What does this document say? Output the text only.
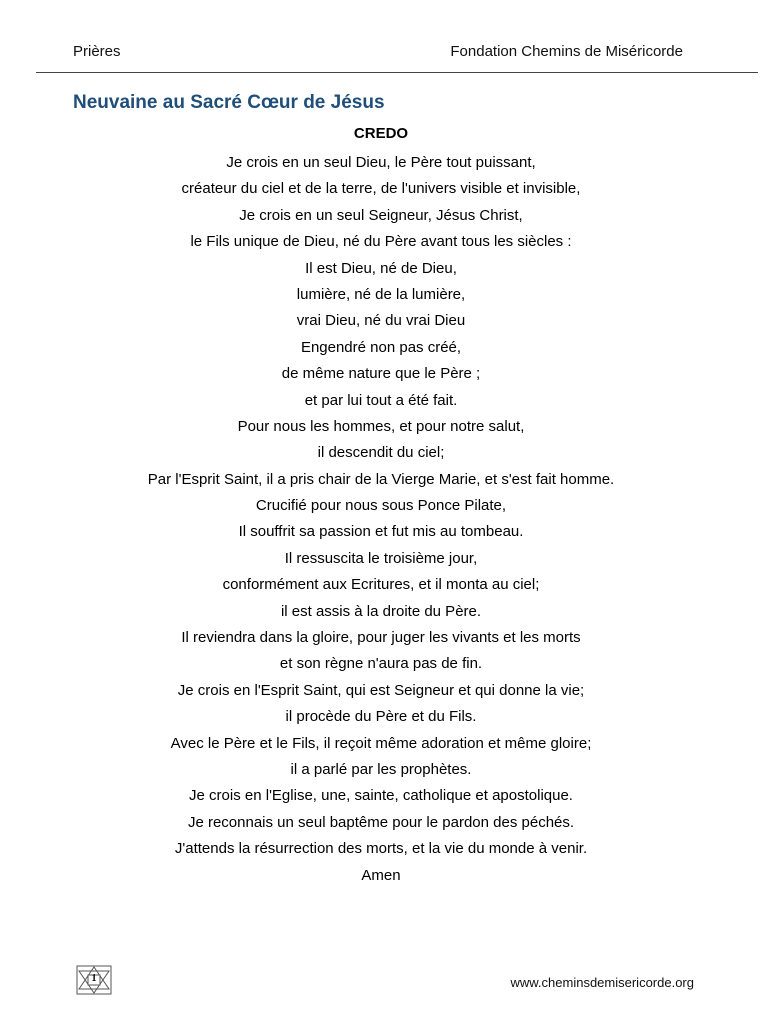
Prières	Fondation Chemins de Miséricorde
Neuvaine au Sacré Cœur de Jésus
CREDO
Je crois en un seul Dieu, le Père tout puissant,
créateur du ciel et de la terre, de l'univers visible et invisible,
Je crois en un seul Seigneur, Jésus Christ,
le Fils unique de Dieu, né du Père avant tous les siècles :
Il est Dieu, né de Dieu,
lumière, né de la lumière,
vrai Dieu, né du vrai Dieu
Engendré non pas créé,
de même nature que le Père ;
et par lui tout a été fait.
Pour nous les hommes, et pour notre salut,
il descendit du ciel;
Par l'Esprit Saint, il a pris chair de la Vierge Marie, et s'est fait homme.
Crucifié pour nous sous Ponce Pilate,
Il souffrit sa passion et fut mis au tombeau.
Il ressuscita le troisième jour,
conformément aux Ecritures, et il monta au ciel;
il est assis à la droite du Père.
Il reviendra dans la gloire, pour juger les vivants et les morts
et son règne n'aura pas de fin.
Je crois en l'Esprit Saint, qui est Seigneur et qui donne la vie;
il procède du Père et du Fils.
Avec le Père et le Fils, il reçoit même adoration et même gloire;
il a parlé par les prophètes.
Je crois en l'Eglise, une, sainte, catholique et apostolique.
Je reconnais un seul baptême pour le pardon des péchés.
J'attends la résurrection des morts, et la vie du monde à venir.
Amen
1	www.cheminsdemisericorde.org
